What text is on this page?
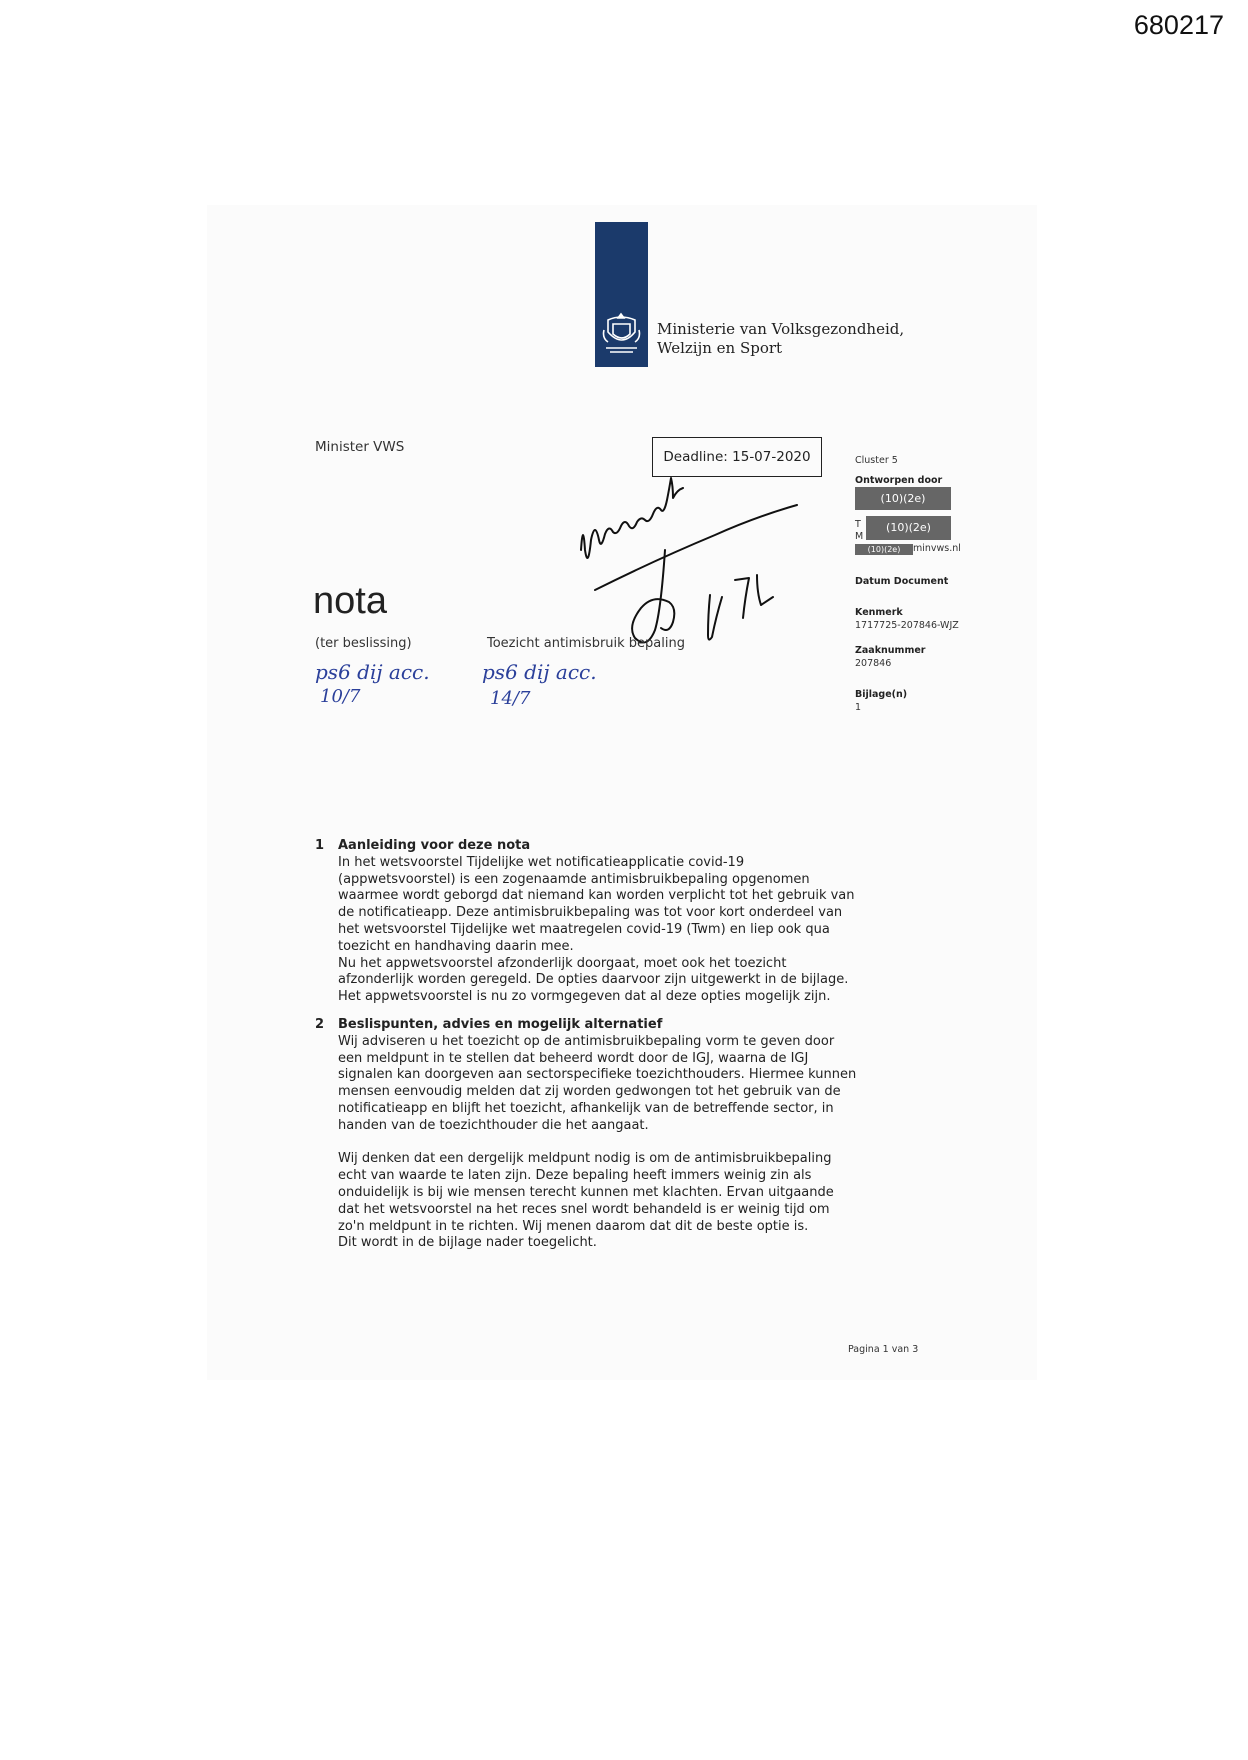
680217
Ministerie van Volksgezondheid,
Welzijn en Sport
Minister VWS
Deadline: 15-07-2020
nota
(ter beslissing)	Toezicht antimisbruik bepaling
ps6 dij acc.
10/7
ps6 dij acc.
14/7
Cluster 5
Ontworpen door
(10)(2e)
T
M
(10)(2e)
(10)(2e)	minvws.nl
Datum Document
Kenmerk
1717725-207846-WJZ
Zaaknummer
207846
Bijlage(n)
1
1 Aanleiding voor deze nota
In het wetsvoorstel Tijdelijke wet notificatieapplicatie covid-19
(appwetsvoorstel) is een zogenaamde antimisbruikbepaling opgenomen
waarmee wordt geborgd dat niemand kan worden verplicht tot het gebruik van
de notificatieapp. Deze antimisbruikbepaling was tot voor kort onderdeel van
het wetsvoorstel Tijdelijke wet maatregelen covid-19 (Twm) en liep ook qua
toezicht en handhaving daarin mee.
Nu het appwetsvoorstel afzonderlijk doorgaat, moet ook het toezicht
afzonderlijk worden geregeld. De opties daarvoor zijn uitgewerkt in de bijlage.
Het appwetsvoorstel is nu zo vormgegeven dat al deze opties mogelijk zijn.
2 Beslispunten, advies en mogelijk alternatief
Wij adviseren u het toezicht op de antimisbruikbepaling vorm te geven door
een meldpunt in te stellen dat beheerd wordt door de IGJ, waarna de IGJ
signalen kan doorgeven aan sectorspecifieke toezichthouders. Hiermee kunnen
mensen eenvoudig melden dat zij worden gedwongen tot het gebruik van de
notificatieapp en blijft het toezicht, afhankelijk van de betreffende sector, in
handen van de toezichthouder die het aangaat.
Wij denken dat een dergelijk meldpunt nodig is om de antimisbruikbepaling
echt van waarde te laten zijn. Deze bepaling heeft immers weinig zin als
onduidelijk is bij wie mensen terecht kunnen met klachten. Ervan uitgaande
dat het wetsvoorstel na het reces snel wordt behandeld is er weinig tijd om
zo'n meldpunt in te richten. Wij menen daarom dat dit de beste optie is.
Dit wordt in de bijlage nader toegelicht.
Pagina 1 van 3
